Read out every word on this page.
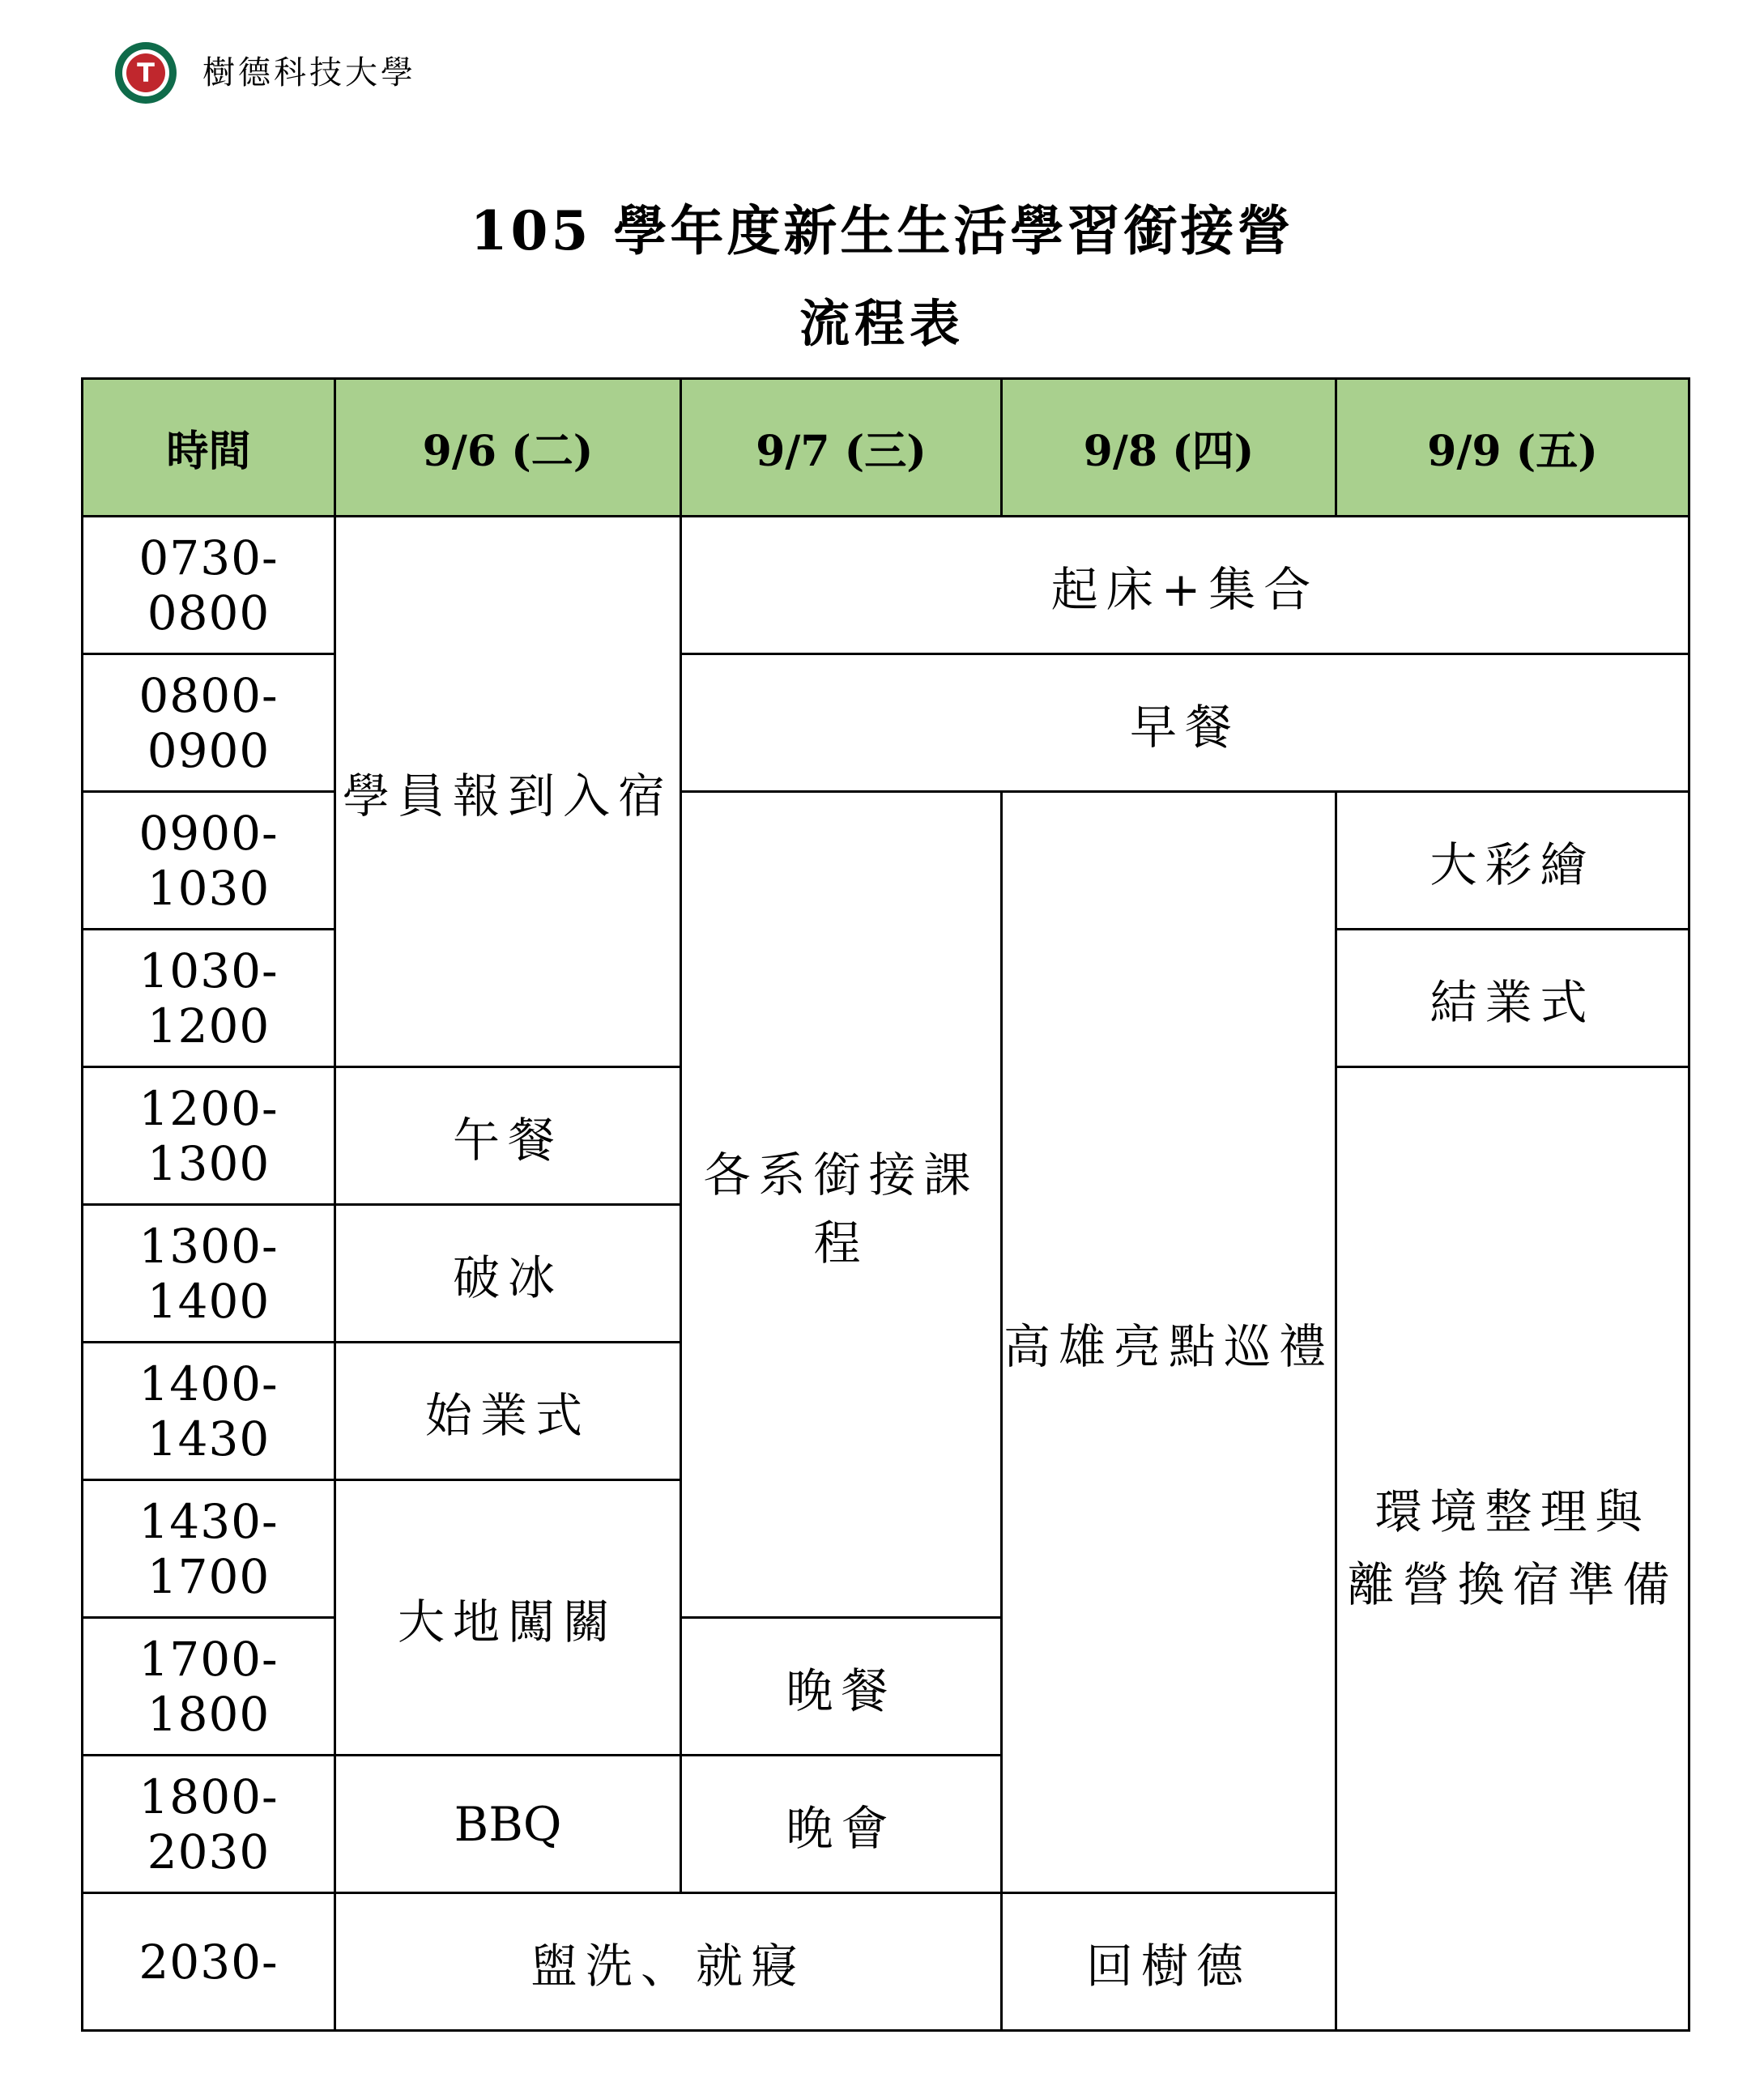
T 樹德科技大學
105 學年度新生生活學習銜接營
流程表
時間	9/6 (二)	9/7 (三)	9/8 (四)	9/9 (五)
0730-0800	學員報到入宿	起床+集合		
0800-0900		早餐		
0900-1030		各系銜接課程	高雄亮點巡禮	大彩繪
1030-1200				結業式
1200-1300	午餐			環境整理與
離營換宿準備

1300-1400	破冰			
1400-1430	始業式			
1430-1700	大地闖關			
1700-1800		晚餐		
1800-2030	BBQ	晚會		
2030-	盥洗、就寢		回樹德	
